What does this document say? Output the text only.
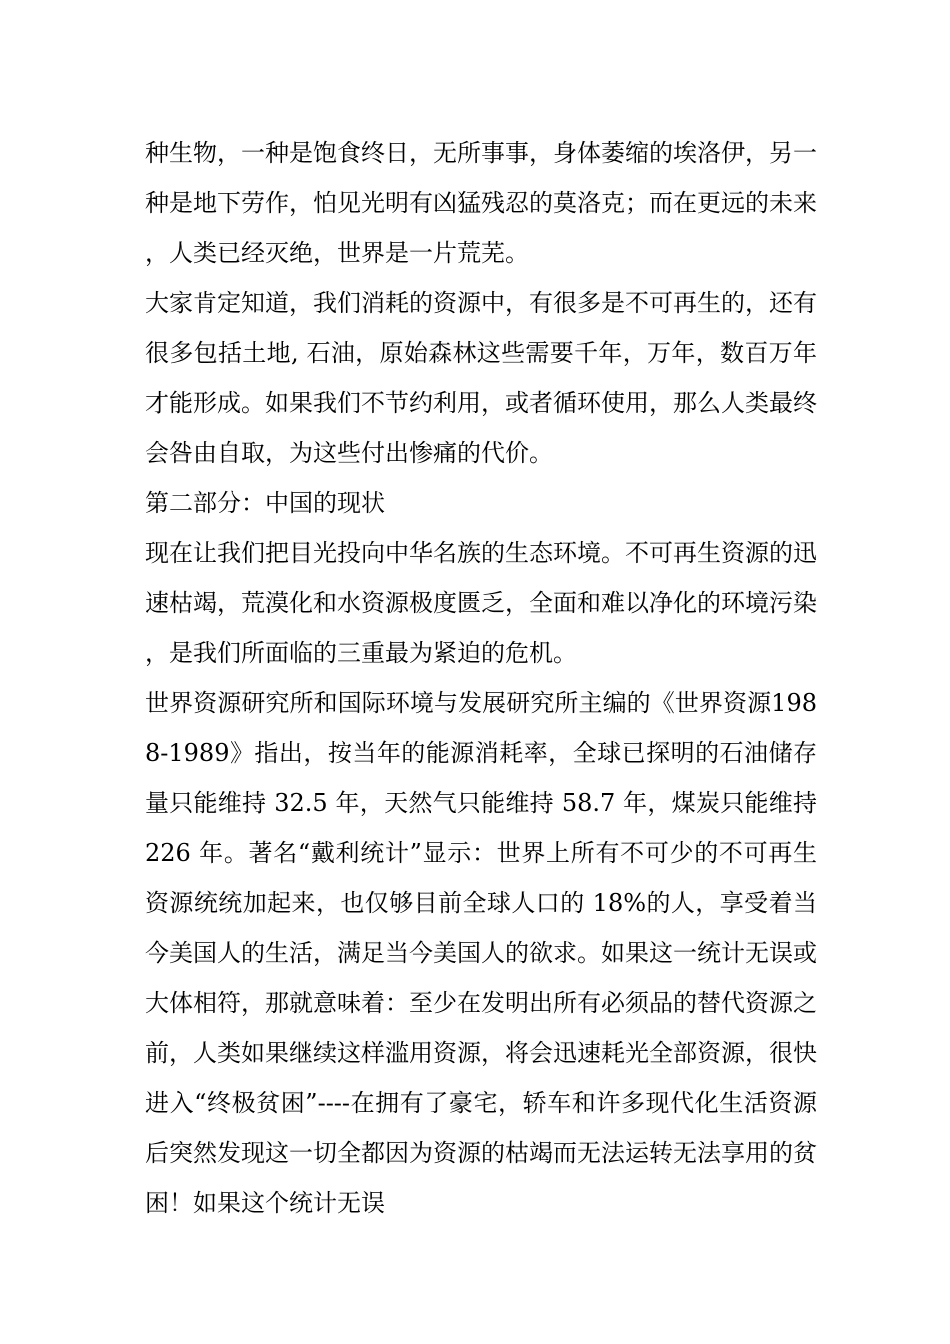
种生物，一种是饱食终日，无所事事，身体萎缩的埃洛伊，另一种是地下劳作，怕见光明有凶猛残忍的莫洛克；而在更远的未来，人类已经灭绝，世界是一片荒芜。

大家肯定知道，我们消耗的资源中，有很多是不可再生的，还有很多包括土地, 石油，原始森林这些需要千年，万年，数百万年才能形成。如果我们不节约利用，或者循环使用，那么人类最终会咎由自取，为这些付出惨痛的代价。

第二部分：中国的现状

现在让我们把目光投向中华名族的生态环境。不可再生资源的迅速枯竭，荒漠化和水资源极度匮乏，全面和难以净化的环境污染，是我们所面临的三重最为紧迫的危机。

世界资源研究所和国际环境与发展研究所主编的《世界资源1988-1989》指出，按当年的能源消耗率，全球已探明的石油储存量只能维持 32.5 年，天然气只能维持 58.7 年，煤炭只能维持 226 年。著名“戴利统计”显示：世界上所有不可少的不可再生资源统统加起来，也仅够目前全球人口的 18%的人，享受着当今美国人的生活，满足当今美国人的欲求。如果这一统计无误或大体相符，那就意味着：至少在发明出所有必须品的替代资源之前，人类如果继续这样滥用资源，将会迅速耗光全部资源，很快进入“终极贫困”----在拥有了豪宅，轿车和许多现代化生活资源后突然发现这一切全都因为资源的枯竭而无法运转无法享用的贫困！如果这个统计无误
